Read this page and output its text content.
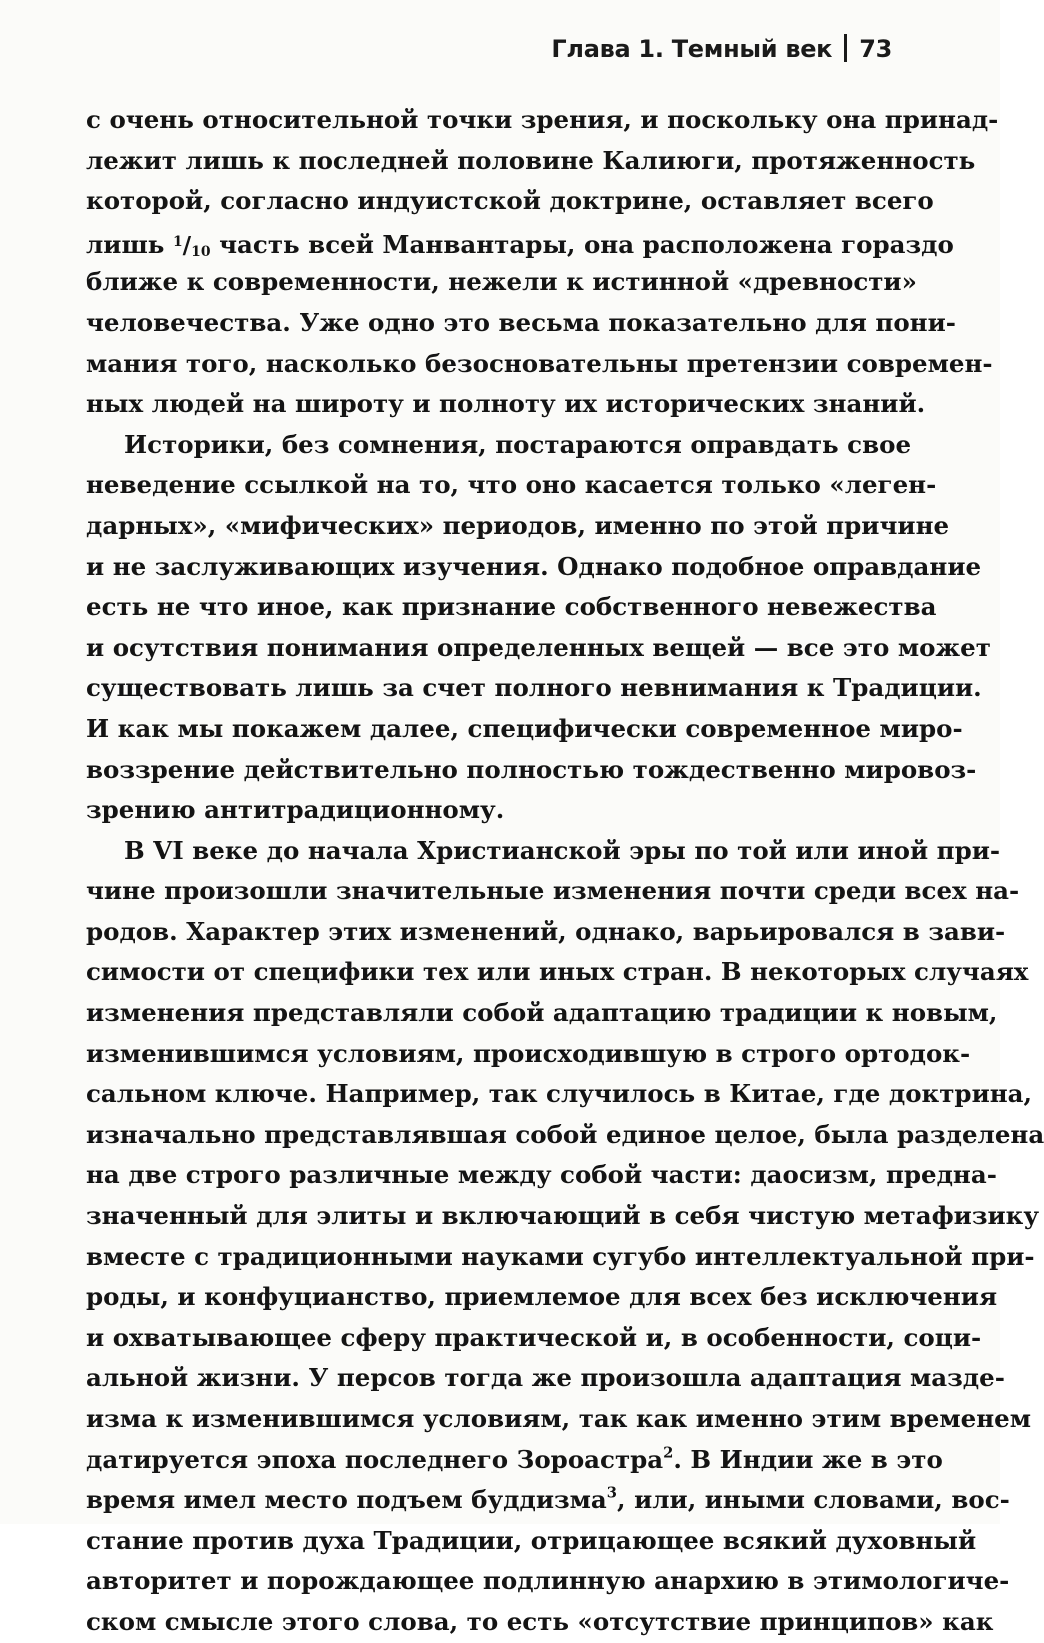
Глава 1. Темный век 73
с очень относительной точки зрения, и поскольку она принад-
лежит лишь к последней половине Калиюги, протяженность
которой, согласно индуистской доктрине, оставляет всего
лишь $^1/_{10}$ часть всей Манвантары, она расположена гораздо
ближе к современности, нежели к истинной «древности»
человечества. Уже одно это весьма показательно для пони-
мания того, насколько безосновательны претензии современ-
ных людей на широту и полноту их исторических знаний.
Историки, без сомнения, постараются оправдать свое
неведение ссылкой на то, что оно касается только «леген-
дарных», «мифических» периодов, именно по этой причине
и не заслуживающих изучения. Однако подобное оправдание
есть не что иное, как признание собственного невежества
и осутствия понимания определенных вещей — все это может
существовать лишь за счет полного невнимания к Традиции.
И как мы покажем далее, специфически современное миро-
воззрение действительно полностью тождественно мировоз-
зрению антитрадиционному.
В VI веке до начала Христианской эры по той или иной при-
чине произошли значительные изменения почти среди всех на-
родов. Характер этих изменений, однако, варьировался в зави-
симости от специфики тех или иных стран. В некоторых случаях
изменения представляли собой адаптацию традиции к новым,
изменившимся условиям, происходившую в строго ортодок-
сальном ключе. Например, так случилось в Китае, где доктрина,
изначально представлявшая собой единое целое, была разделена
на две строго различные между собой части: даосизм, предна-
значенный для элиты и включающий в себя чистую метафизику
вместе с традиционными науками сугубо интеллектуальной при-
роды, и конфуцианство, приемлемое для всех без исключения
и охватывающее сферу практической и, в особенности, соци-
альной жизни. У персов тогда же произошла адаптация мазде-
изма к изменившимся условиям, так как именно этим временем
датируется эпоха последнего Зороастра$^2$. В Индии же в это
время имел место подъем буддизма$^3$, или, иными словами, вос-
стание против духа Традиции, отрицающее всякий духовный
авторитет и порождающее подлинную анархию в этимологиче-
ском смысле этого слова, то есть «отсутствие принципов» как
